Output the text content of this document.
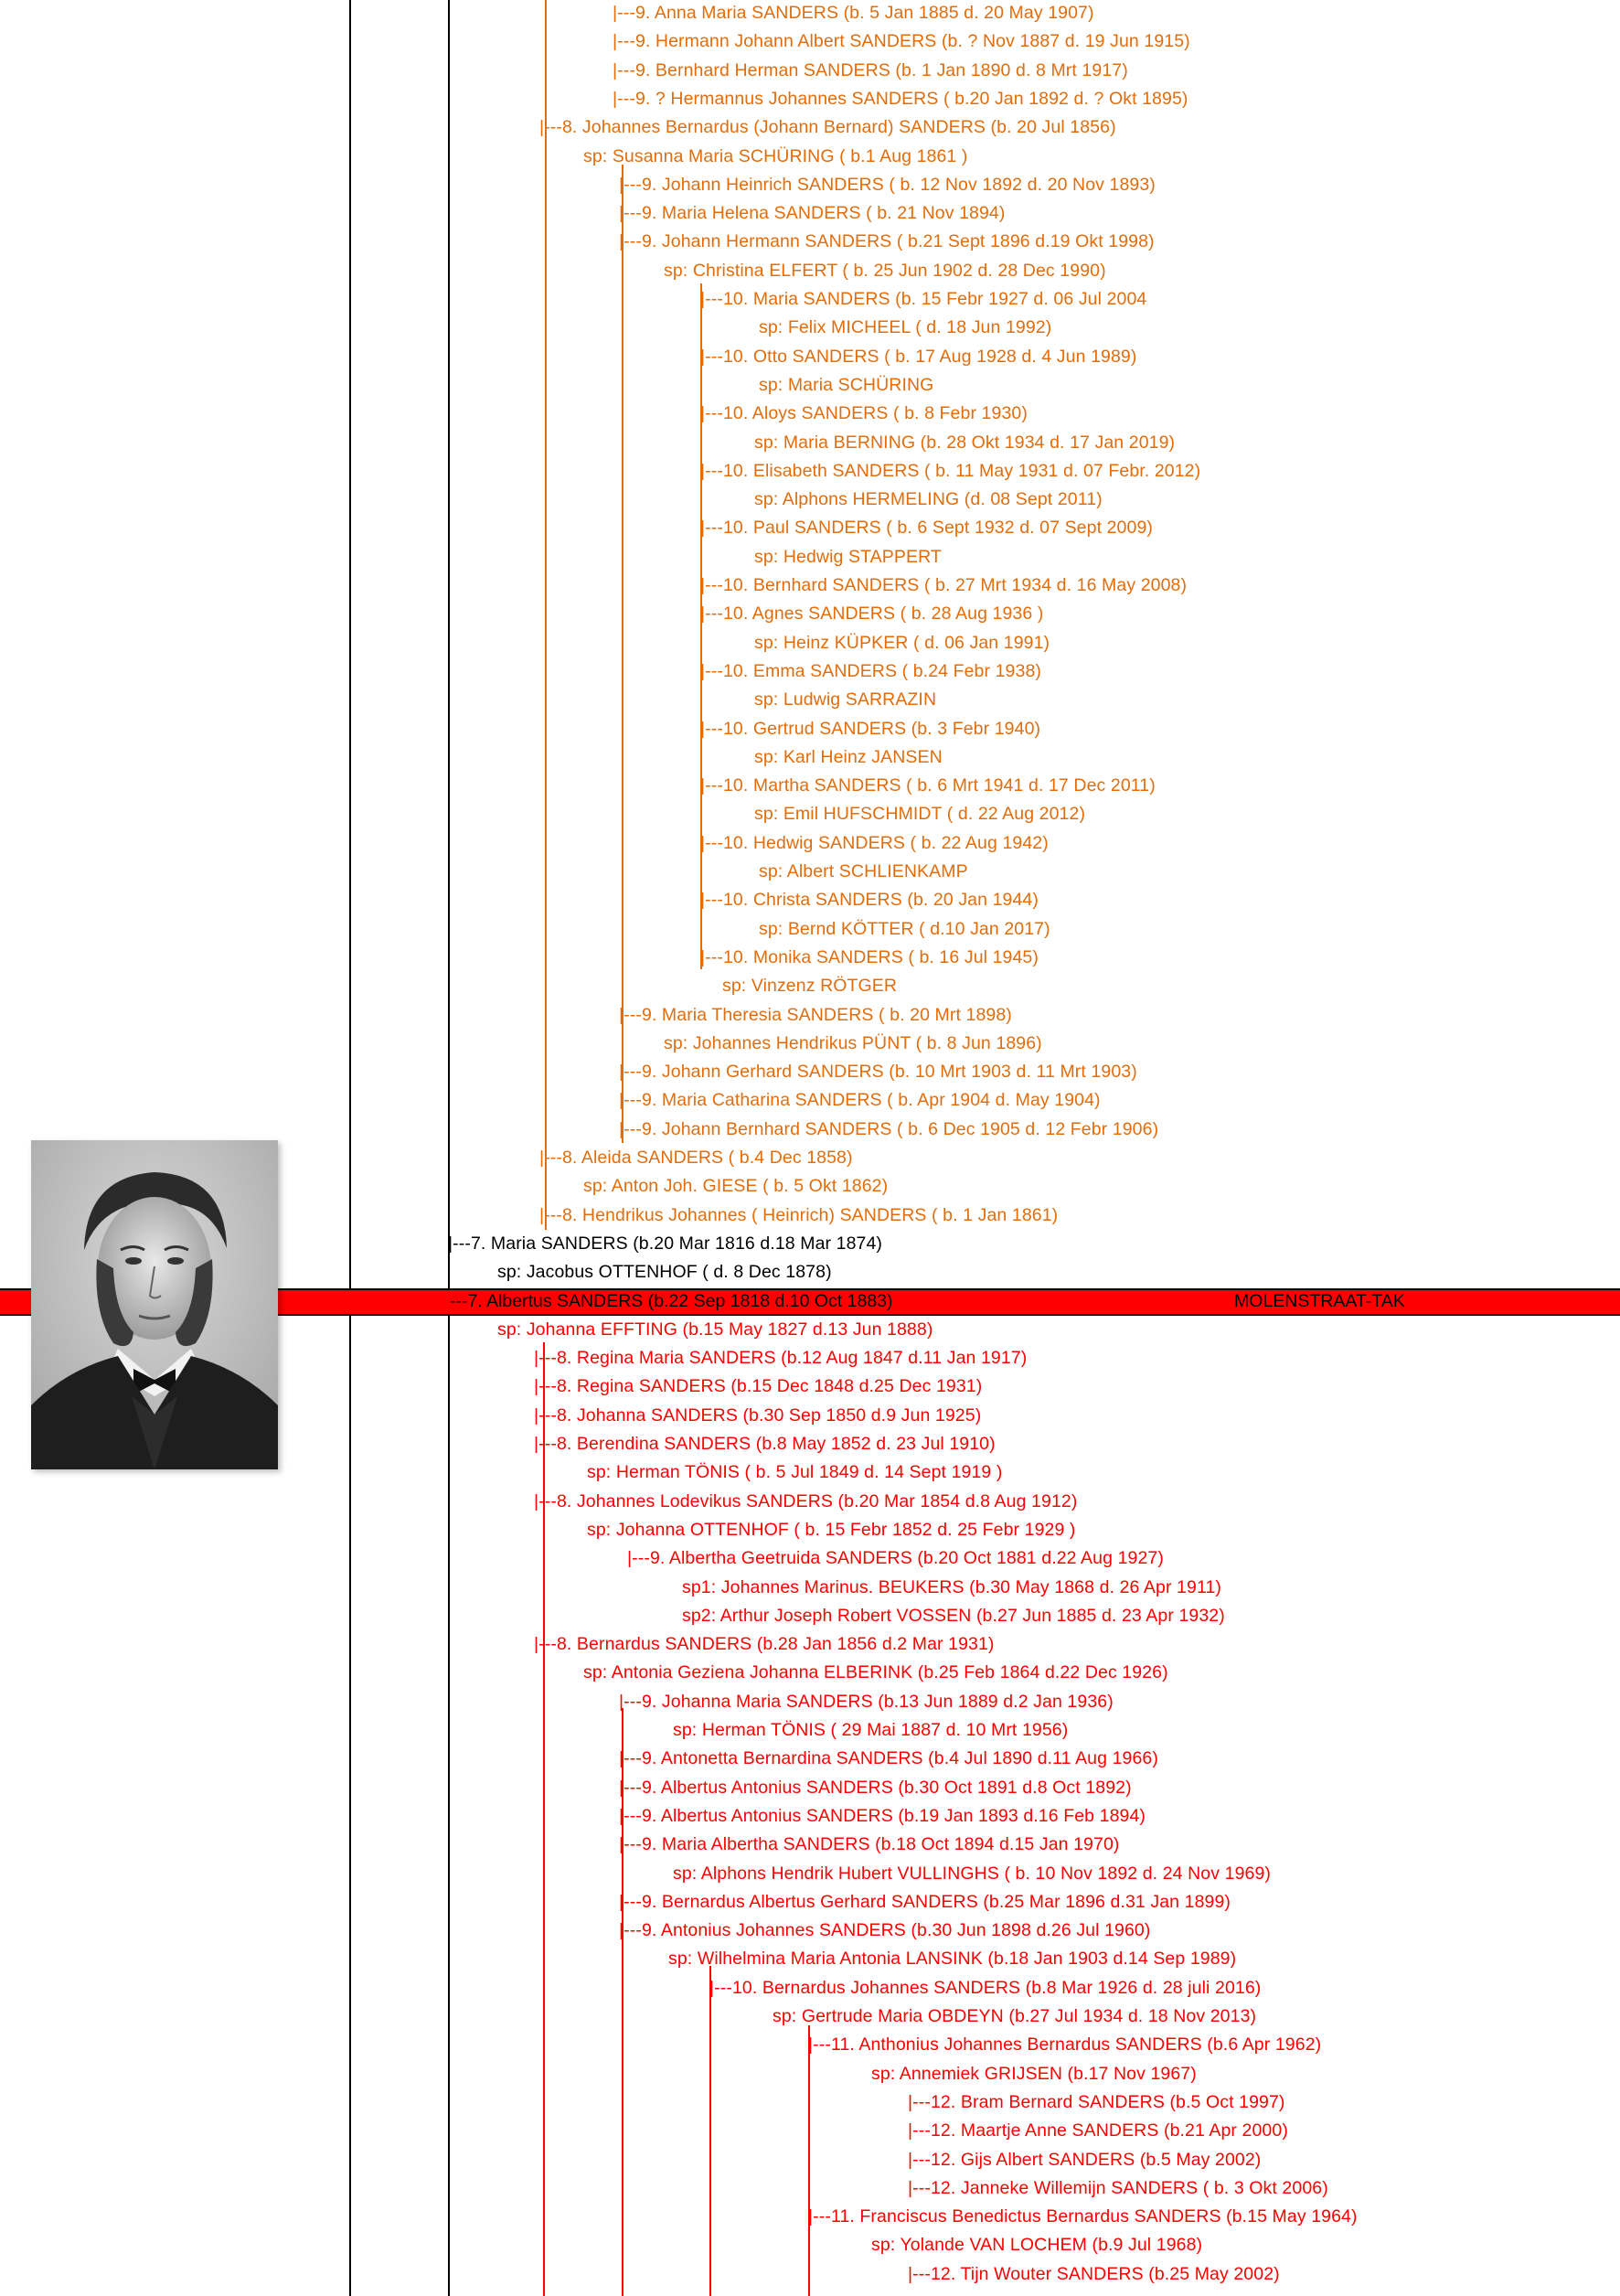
|---9. Anna Maria SANDERS (b. 5 Jan 1885 d. 20 May 1907)
|---9. Hermann Johann Albert SANDERS (b. ? Nov 1887 d. 19 Jun 1915)
|---9. Bernhard Herman SANDERS (b. 1 Jan 1890 d. 8 Mrt 1917)
|---9. ? Hermannus Johannes SANDERS ( b.20 Jan 1892 d. ? Okt 1895)
|---8. Johannes Bernardus (Johann Bernard) SANDERS (b. 20 Jul 1856)
sp: Susanna Maria SCHÜRING ( b.1 Aug 1861 )
|---9. Johann Heinrich SANDERS ( b. 12 Nov 1892 d. 20 Nov 1893)
|---9. Maria Helena SANDERS ( b. 21 Nov 1894)
|---9. Johann Hermann SANDERS ( b.21 Sept 1896 d.19 Okt 1998)
sp: Christina ELFERT ( b. 25 Jun 1902 d. 28 Dec 1990)
|---10. Maria SANDERS (b. 15 Febr 1927 d. 06 Jul 2004
sp: Felix MICHEEL ( d. 18 Jun 1992)
|---10. Otto SANDERS ( b. 17 Aug 1928 d. 4 Jun 1989)
sp: Maria SCHÜRING
|---10. Aloys SANDERS ( b. 8 Febr 1930)
sp: Maria BERNING (b. 28 Okt 1934 d. 17 Jan 2019)
|---10. Elisabeth SANDERS ( b. 11 May 1931 d. 07 Febr. 2012)
sp: Alphons HERMELING (d. 08 Sept 2011)
|---10. Paul SANDERS ( b. 6 Sept 1932 d. 07 Sept 2009)
sp: Hedwig STAPPERT
|---10. Bernhard SANDERS ( b. 27 Mrt 1934 d. 16 May 2008)
|---10. Agnes SANDERS ( b. 28 Aug 1936 )
sp: Heinz KÜPKER ( d. 06 Jan 1991)
|---10. Emma SANDERS ( b.24 Febr 1938)
sp: Ludwig SARRAZIN
|---10. Gertrud SANDERS (b. 3 Febr 1940)
sp: Karl Heinz JANSEN
|---10. Martha SANDERS ( b. 6 Mrt 1941 d. 17 Dec 2011)
sp: Emil HUFSCHMIDT ( d. 22 Aug 2012)
|---10. Hedwig SANDERS ( b. 22 Aug 1942)
sp: Albert SCHLIENKAMP
|---10. Christa SANDERS (b. 20 Jan 1944)
sp: Bernd KÖTTER ( d.10 Jan 2017)
|---10. Monika SANDERS ( b. 16 Jul 1945)
sp: Vinzenz RÖTGER
|---9. Maria Theresia SANDERS ( b. 20 Mrt 1898)
sp: Johannes Hendrikus PÜNT ( b. 8 Jun 1896)
|---9. Johann Gerhard SANDERS (b. 10 Mrt 1903 d. 11 Mrt 1903)
|---9. Maria Catharina SANDERS ( b. Apr 1904 d. May 1904)
|---9. Johann Bernhard SANDERS ( b. 6 Dec 1905 d. 12 Febr 1906)
|---8. Aleida SANDERS ( b.4 Dec 1858)
sp: Anton Joh. GIESE ( b. 5 Okt 1862)
|---8. Hendrikus Johannes ( Heinrich) SANDERS ( b. 1 Jan 1861)
|---7. Maria SANDERS (b.20 Mar 1816 d.18 Mar 1874)
sp: Jacobus OTTENHOF ( d. 8 Dec 1878)
sp: Johanna EFFTING (b.15 May 1827 d.13 Jun 1888)
|---8. Regina Maria SANDERS (b.12 Aug 1847 d.11 Jan 1917)
|---8. Regina SANDERS (b.15 Dec 1848 d.25 Dec 1931)
|---8. Johanna SANDERS (b.30 Sep 1850 d.9 Jun 1925)
|---8. Berendina SANDERS (b.8 May 1852 d. 23 Jul 1910)
sp: Herman TÖNIS ( b. 5 Jul 1849 d. 14 Sept 1919 )
|---8. Johannes Lodevikus SANDERS (b.20 Mar 1854 d.8 Aug 1912)
sp: Johanna OTTENHOF ( b. 15 Febr 1852 d. 25 Febr 1929 )
|---9. Albertha Geetruida SANDERS (b.20 Oct 1881 d.22 Aug 1927)
sp1: Johannes Marinus. BEUKERS (b.30 May 1868 d. 26 Apr 1911)
sp2: Arthur Joseph Robert VOSSEN (b.27 Jun 1885 d. 23 Apr 1932)
|---8. Bernardus SANDERS (b.28 Jan 1856 d.2 Mar 1931)
sp: Antonia Geziena Johanna ELBERINK (b.25 Feb 1864 d.22 Dec 1926)
|---9. Johanna Maria SANDERS (b.13 Jun 1889 d.2 Jan 1936)
sp: Herman TÖNIS ( 29 Mai 1887 d. 10 Mrt 1956)
|---9. Antonetta Bernardina SANDERS (b.4 Jul 1890 d.11 Aug 1966)
|---9. Albertus Antonius SANDERS (b.30 Oct 1891 d.8 Oct 1892)
|---9. Albertus Antonius SANDERS (b.19 Jan 1893 d.16 Feb 1894)
|---9. Maria Albertha SANDERS (b.18 Oct 1894 d.15 Jan 1970)
sp: Alphons Hendrik Hubert VULLINGHS ( b. 10 Nov 1892 d. 24 Nov 1969)
|---9. Bernardus Albertus Gerhard SANDERS (b.25 Mar 1896 d.31 Jan 1899)
|---9. Antonius Johannes SANDERS (b.30 Jun 1898 d.26 Jul 1960)
sp: Wilhelmina Maria Antonia LANSINK (b.18 Jan 1903 d.14 Sep 1989)
|---10. Bernardus Johannes SANDERS (b.8 Mar 1926 d. 28 juli 2016)
sp: Gertrude Maria OBDEYN (b.27 Jul 1934 d. 18 Nov 2013)
|---11. Anthonius Johannes Bernardus SANDERS (b.6 Apr 1962)
sp: Annemiek GRIJSEN (b.17 Nov 1967)
|---12. Bram Bernard SANDERS (b.5 Oct 1997)
|---12. Maartje Anne SANDERS (b.21 Apr 2000)
|---12. Gijs Albert SANDERS (b.5 May 2002)
|---12. Janneke Willemijn SANDERS ( b. 3 Okt 2006)
|---11. Franciscus Benedictus Bernardus SANDERS (b.15 May 1964)
sp: Yolande VAN LOCHEM (b.9 Jul 1968)
|---12. Tijn Wouter SANDERS (b.25 May 2002)
---7. Albertus SANDERS (b.22 Sep 1818 d.10 Oct 1883)	MOLENSTRAAT-TAK
